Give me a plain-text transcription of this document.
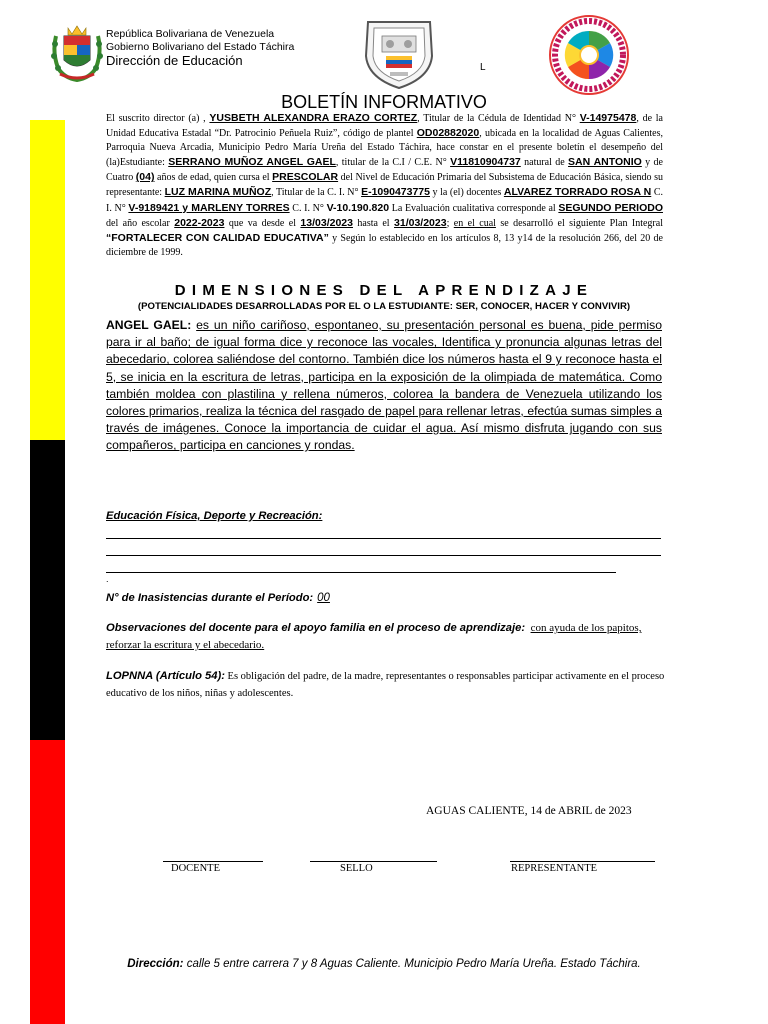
República Bolivariana de Venezuela
Gobierno Bolivariano del Estado Táchira
Dirección de Educación	L
BOLETÍN INFORMATIVO
El suscrito director (a) , YUSBETH ALEXANDRA ERAZO CORTEZ, Titular de la Cédula de Identidad N° V-14975478, de la Unidad Educativa Estadal “Dr. Patrocinio Peñuela Ruiz”, código de plantel OD02882020, ubicada en la localidad de Aguas Calientes, Parroquia Nueva Arcadia, Municipio Pedro María Ureña del Estado Táchira, hace constar en el presente boletín el desempeño del (la)Estudiante: SERRANO MUÑOZ ANGEL GAEL, titular de la C.I / C.E. N° V11810904737 natural de SAN ANTONIO y de Cuatro (04) años de edad, quien cursa el PRESCOLAR del Nivel de Educación Primaria del Subsistema de Educación Básica, siendo su representante: LUZ MARINA MUÑOZ, Titular de la C. I. N° E-1090473775 y la (el) docentes ALVAREZ TORRADO ROSA N C. I. N° V-9189421 y MARLENY TORRES C. I. N° V-10.190.820 La Evaluación cualitativa corresponde al SEGUNDO PERIODO del año escolar 2022-2023 que va desde el 13/03/2023 hasta el 31/03/2023; en el cual se desarrolló el siguiente Plan Integral “FORTALECER CON CALIDAD EDUCATIVA” y Según lo establecido en los artículos 8, 13 y14 de la resolución 266, del 20 de diciembre de 1999.
DIMENSIONES DEL APRENDIZAJE
(POTENCIALIDADES DESARROLLADAS POR EL O LA ESTUDIANTE: SER, CONOCER, HACER Y CONVIVIR)
ANGEL GAEL: es un niño cariñoso, espontaneo, su presentación personal es buena, pide permiso para ir al baño; de igual forma dice y reconoce las vocales, Identifica y pronuncia algunas letras del abecedario, colorea saliéndose del contorno. También dice los números hasta el 9 y reconoce hasta el 5, se inicia en la escritura de letras, participa en la exposición de la olimpiada de matemática. Como también moldea con plastilina y rellena números, colorea la bandera de Venezuela utilizando los colores primarios, realiza la técnica del rasgado de papel para rellenar letras, efectúa sumas simples a través de imágenes. Conoce la importancia de cuidar el agua. Así mismo disfruta jugando con sus compañeros, participa en canciones y rondas.
Educación Física, Deporte y Recreación:
.
N° de Inasistencias durante el Período: 00
Observaciones del docente para el apoyo familia en el proceso de aprendizaje: con ayuda de los papitos,
reforzar la escritura y el abecedario.
LOPNNA (Artículo 54): Es obligación del padre, de la madre, representantes o responsables participar activamente en el proceso educativo de los niños, niñas y adolescentes.
AGUAS CALIENTE, 14 de ABRIL de 2023
DOCENTE	SELLO	REPRESENTANTE
Dirección: calle 5 entre carrera 7 y 8 Aguas Caliente. Municipio Pedro María Ureña. Estado Táchira.
